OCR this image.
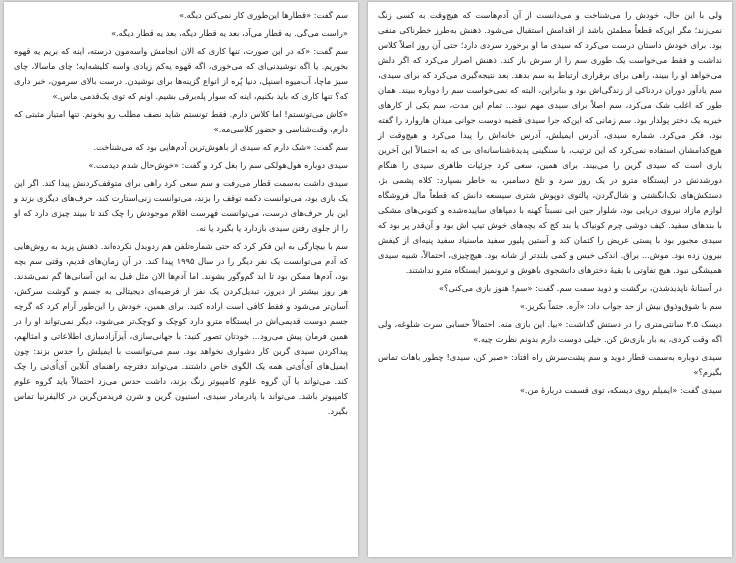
سم گفت: «قطارها این‌طوری کار نمی‌کنن دیگه.»

«راست می‌گی. یه قطار می‌آد، بعد یه قطار دیگه، بعد یه قطار دیگه.»

سم گفت: «که در این صورت، تنها کاری که الان انجامش واسه‌مون درسته، اینه که بریم یه قهوه بخوریم. یا اگه نوشیدنی‌ای که می‌خوری، اگه قهوه یه‌کم زیادی واسه کلیشه‌ایه؛ چای ماسالا، چای سبز ماچا، آب‌میوه اسنپل، دنیا پُره از انواع گزینه‌ها برای نوشیدن. درست بالای سرمون، خبر داری که؟ تنها کاری که باید بکنیم، اینه که سوار پله‌برقی بشیم. اونم که توی یک‌قدمی ماس.»

«کاش می‌تونستم! اما کلاس دارم. فقط تونستم شاید نصف مطلب رو بخونم. تنها امتیاز مثبتی که دارم، وقت‌شناسی و حضور کلاسی‌مه.»

سم گفت: «شک دارم که سیدی از باهوش‌ترین آدم‌هایی بود که می‌شناخت.

سیدی دوباره هول‌هولکی سم را بغل کرد و گفت: «خوش‌حال شدم دیدمت.»

سیدی داشت به‌سمت قطار می‌رفت و سم سعی کرد راهی برای متوقف‌کردنش پیدا کند. اگر این یک بازی بود، می‌توانست دکمه توقف را بزند، می‌توانست زنی‌استارت کند، حرف‌های دیگری بزند و این بار حرف‌های درست، می‌توانست فهرست اقلام موجودش را چک کند تا ببیند چیزی دارد که او را از جلوی رفتن سیدی بازدارد یا بگیرد یا نه.

سم با بیچارگی به این فکر کرد که حتی شماره‌تلفن هم ردوبدل نکرده‌اند. ذهنش پرید به روش‌هایی که آدم می‌توانست یک نفر دیگر را در سال ۱۹۹۵ پیدا کند. در آن زمان‌های قدیم، وقتی سم بچه بود، آدم‌ها ممکن بود تا ابد گم‌وگور بشوند. اما آدم‌ها الان مثل قبل به این آسانی‌ها گم نمی‌شدند. هر روز بیشتر از دیروز، تبدیل‌کردن یک نفر از فرضیه‌ای دیجیتالی به جسم و گوشت سرکش، آسان‌تر می‌شود و فقط کافی است اراده کنید. برای همین، خودش را این‌طور آرام کرد که گرچه جسم دوست قدیمی‌اش در ایستگاه مترو دارد کوچک و کوچک‌تر می‌شود، دیگر نمی‌تواند او را در همین فرمان پیش می‌رود... خودتان تصور کنید: با جهانی‌سازی، آیزآزادسازی اطلاعاتی و امثالهم، پیداکردن سیدی گرین کار دشواری نخواهد بود. سم می‌توانست با ایمیلش را حدس بزند: چون ایمیل‌های آی‌اُی‌تی همه یک الگوی خاص داشتند. می‌تواند دفترچه راهنمای آنلاین آی‌اُی‌تی را چک کند. می‌تواند با آن گروه علوم کامپیوتر زنگ بزند، داشت حدس می‌زد احتمالاً باید گروه علوم کامپیوتر باشد. می‌تواند با پادرمادر سیدی، استیون گرین و شرن فریدمن‌گرین در کالیفرنیا تماس بگیرد.

ولی با این حال، خودش را می‌شناخت و می‌دانست از آن آدم‌هاست که هیچ‌وقت به کسی زنگ نمی‌زند؛ مگر این‌که قطعاً مطمئن باشد از اقدامش استقبال می‌شود. ذهنش به‌طرز خطرناکی منفی بود. برای خودش داستان درست می‌کرد که سیدی ما او برخورد سردی دارد؛ حتی آن روز اصلاً کلاس نداشت و فقط می‌خواست یک طوری سم را از سرش باز کند. ذهنش اصرار می‌کرد که اگر دلش می‌خواهد او را ببیند، راهی برای برقراری ارتباط به سم بدهد. بعد نتیجه‌گیری می‌کرد که برای سیدی، سم یادآور دوران دردناکی از زندگی‌اش بود و بنابراین، البته که نمی‌خواست سم را دوباره ببیند. همان طور که اغلب شک می‌کرد، سم اصلاً برای سیدی مهم نبود... تمام این مدت، سم یکی از کارهای خیریه یک دختر پولدار بود. سم زمانی که این‌که جرا سیدی قضیه دوست جوانی میدان هاروارد را گفته بود، فکر می‌کرد. شماره سیدی، آدرس ایمیلش، آدرس خانه‌اش را پیدا می‌کرد و هیچ‌وقت از هیچ‌کدامشان استفاده نمی‌کرد که این ترتیب، با سنگینی پدیدهٔ‌شناسانه‌ای بی که به احتمالاً این آخرین باری است که سیدی گرین را می‌بیند. برای همین، سعی کرد جزئیات ظاهری سیدی را هنگام دورشدنش در ایستگاه مترو در یک روز سرد و تلخ دسامبر، به خاطر بسپارد: کلاه پشمی بژ، دستکش‌های تک‌انگشتی و شال‌گردن، پالتوی دوپوش شتری سیسعه دانش که قطعاً مال فروشگاه لوازم مازاد نیروی دریایی بود، شلوار جین ابی نسبتاً کهنه با دمپاهای ساییده‌شده و کتونی‌های مشکی با بندهای سفید. کیف دوشی چرم کونیاک یا بند کج که بچه‌های خوش تیپ اش بود و آن‌قدر پر بود که سیدی مجبور بود با پستی عریض را کتمان کند و آستین پلیور سفید ماسنیاد سفید پنیه‌ای از کیفش بیرون زده بود. موش... براق. اندکی خیس و کمی بلندتر از شانه بود. هیچ‌چیزی، احتمالاً، شبیه سیدی همیشگی نبود. هیچ تفاوتی با بقیهٔ دخترهای دانشجوی باهوش و ترونمیز ایستگاه مترو نداشتند.

در آستانهٔ ناپدیدشدن، برگشت و دوید سمت سم. گفت: «سم! هنوز بازی می‌کنی؟»

سم با شوق‌وذوق بیش از حد جواب داد: «آره. حتماً بکریز.»

دیسک ۳.۵ سانتی‌متری را در دستش گذاشت: «بیا. این بازی منه. احتمالاً حسابی سرت شلوغه، ولی اگه وقت کردی، یه بار بازی‌ش کن. خیلی دوست دارم بدونم نظرت چیه.»

سیدی دوباره به‌سمت قطار دوید و سم پشت‌سرش راه افتاد: «صبر کن، سیدی! چطور باهات تماس بگیرم؟»

سیدی گفت: «ایمیلم روی دیسکه، توی قسمت دربارهٔ من.»
